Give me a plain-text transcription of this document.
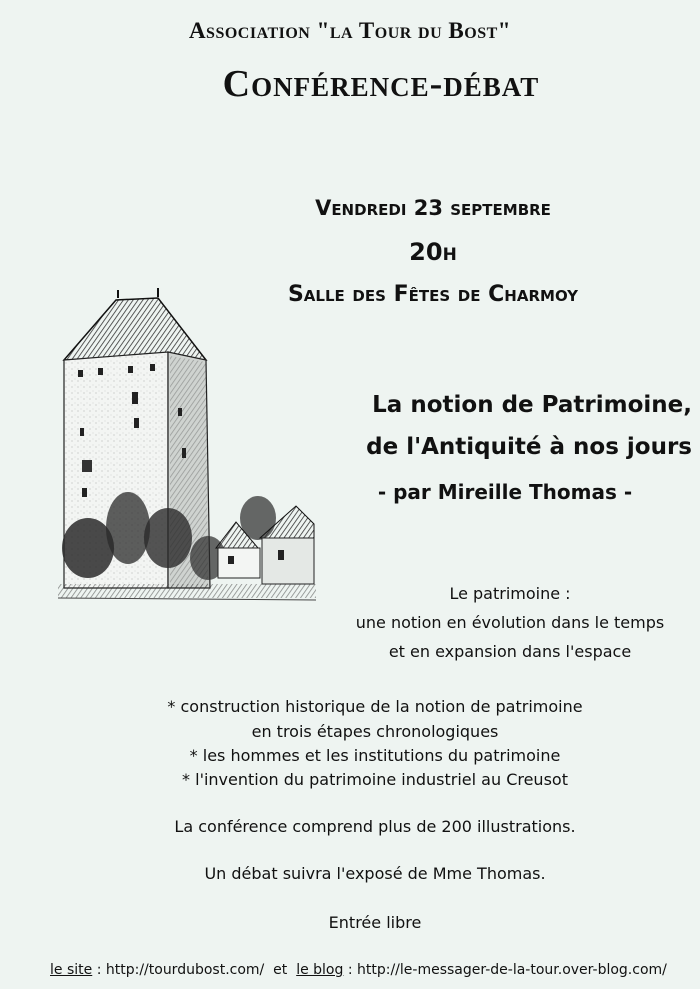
Association "la Tour du Bost"
Conférence-débat
Vendredi 23 septembre
20h
Salle des Fêtes de Charmoy
La notion de Patrimoine,
de l'Antiquité à nos jours
- par Mireille Thomas -
Le patrimoine :
une notion en évolution dans le temps
et en expansion dans l'espace
* construction historique de la notion de patrimoine
en trois étapes chronologiques
* les hommes et les institutions du patrimoine
* l'invention du patrimoine industriel au Creusot
La conférence comprend plus de 200 illustrations.
Un débat suivra l'exposé de Mme Thomas.
Entrée libre
le site : http://tourdubost.com/ et le blog : http://le-messager-de-la-tour.over-blog.com/
